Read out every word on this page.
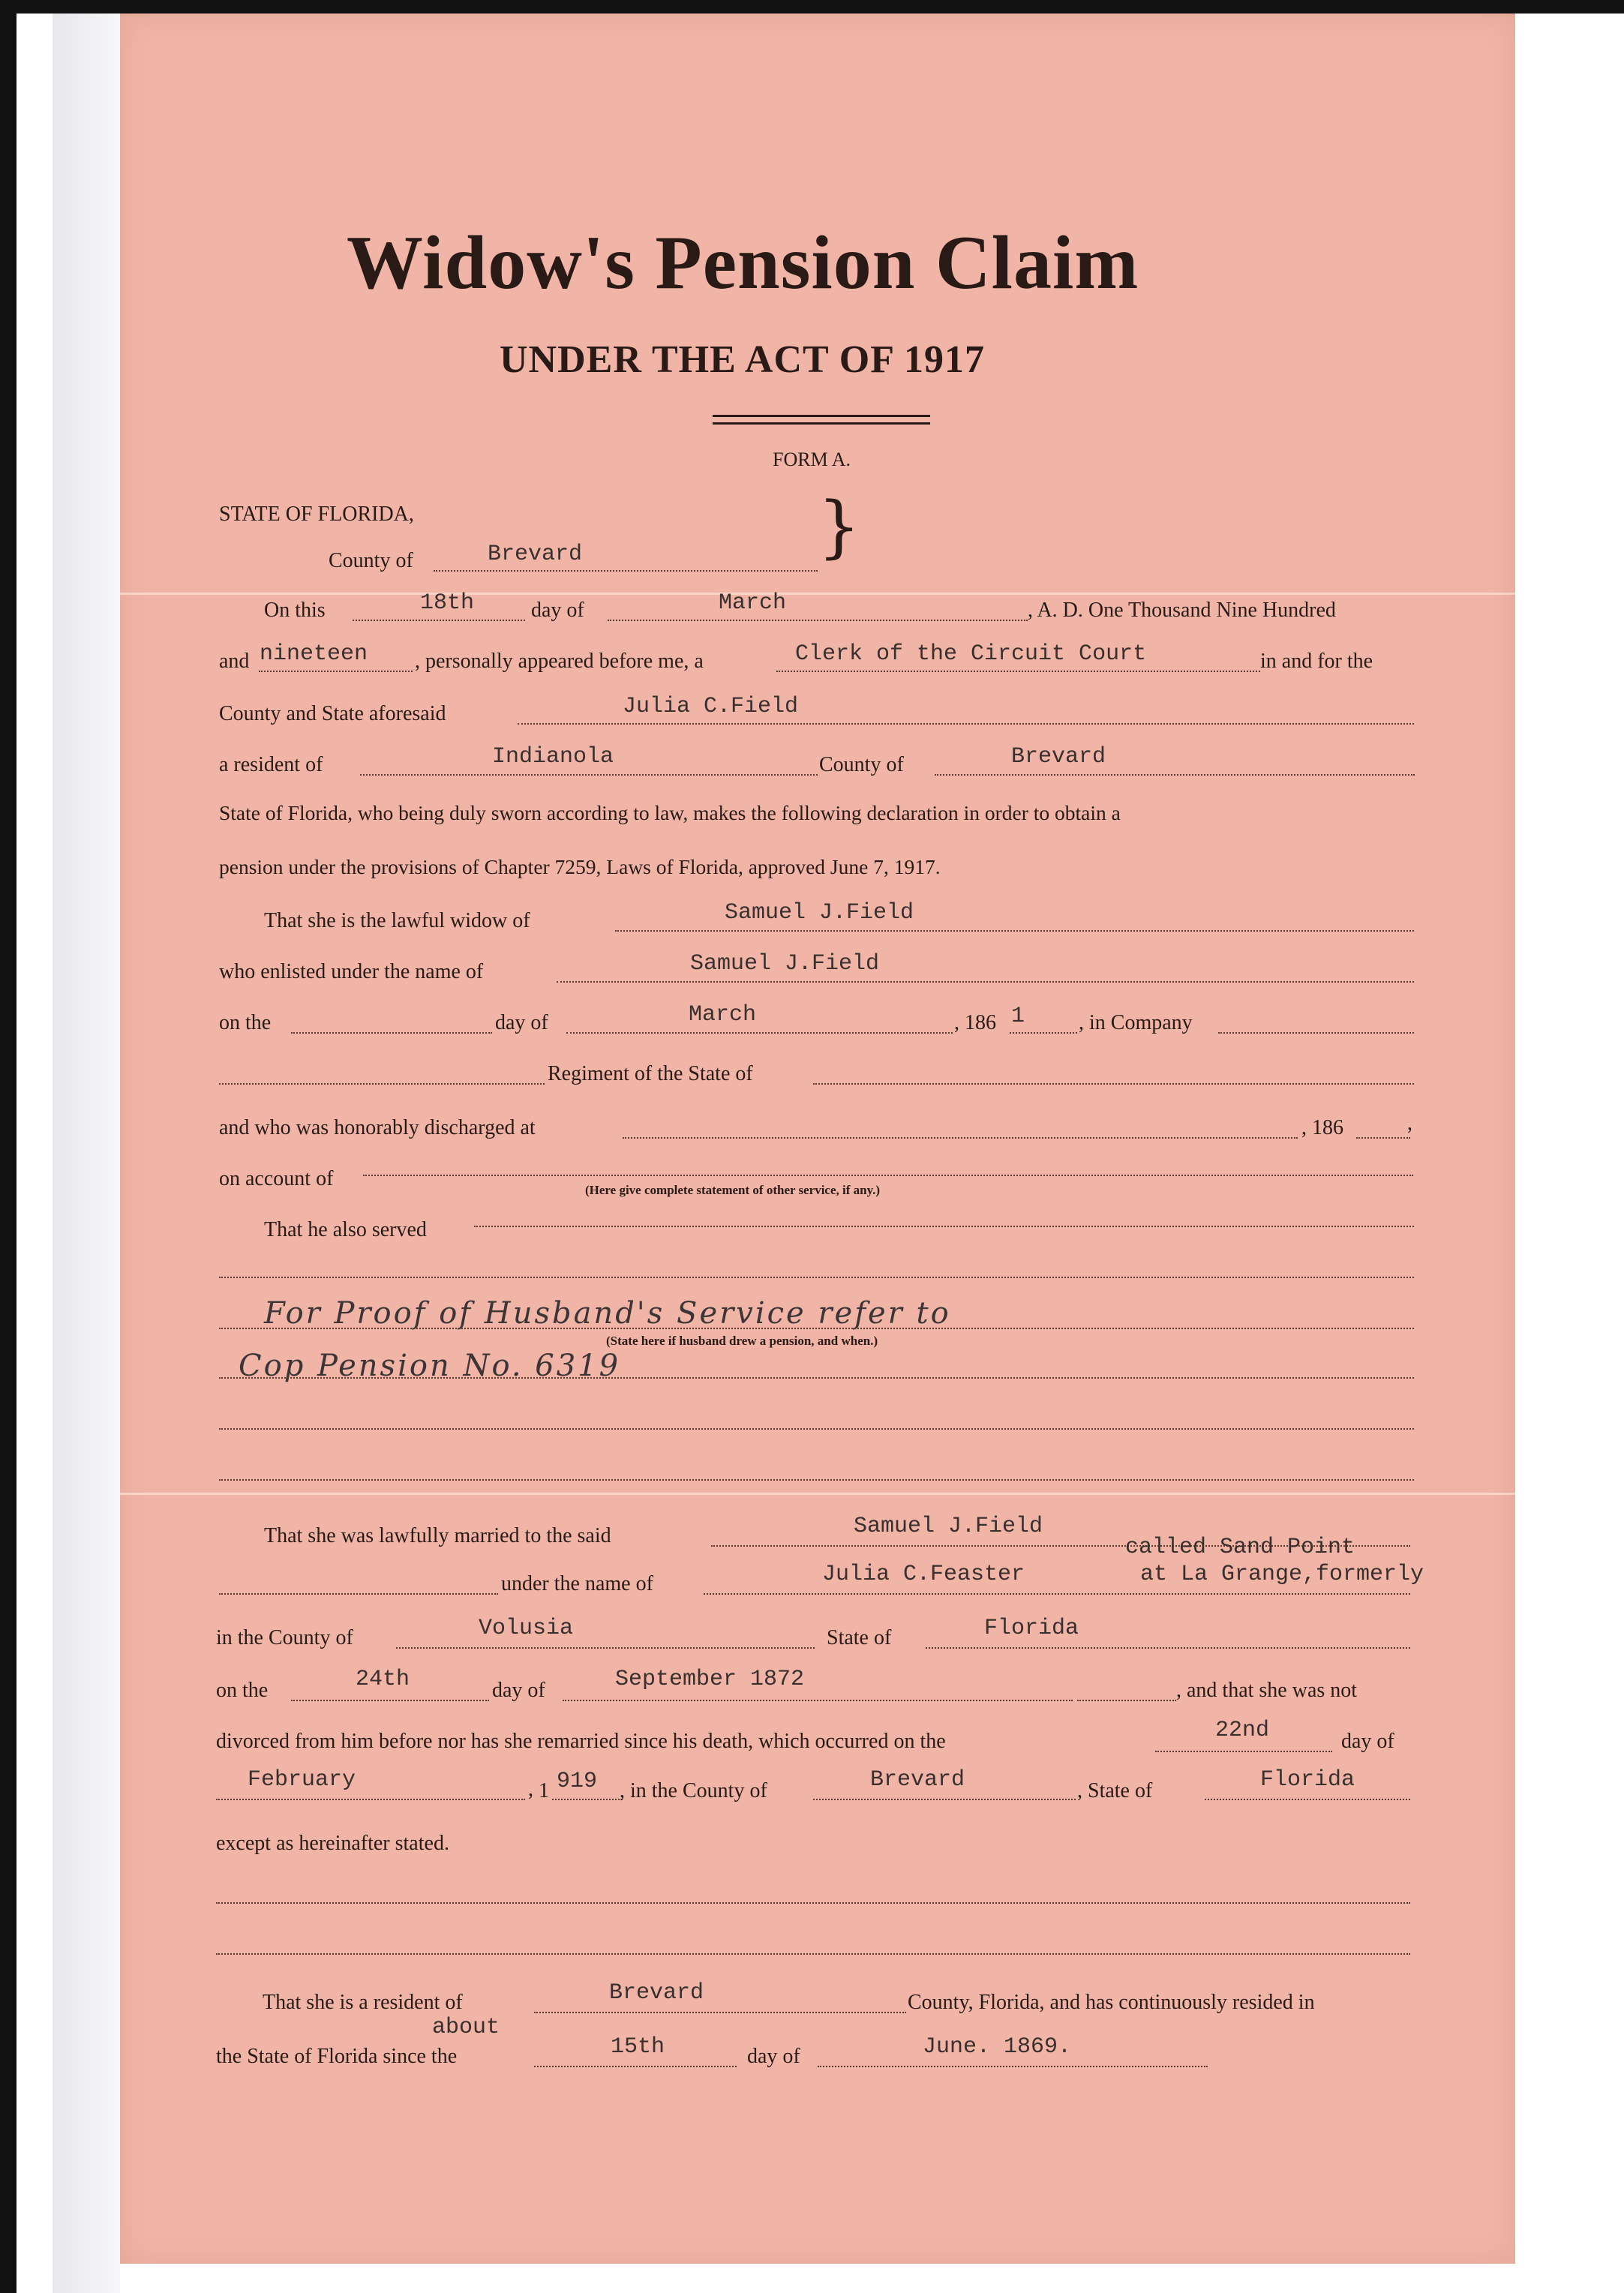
Widow's Pension Claim
UNDER THE ACT OF 1917
FORM A.
STATE OF FLORIDA,
County of	Brevard	}
On this	18th	day of	March	, A. D. One Thousand Nine Hundred
and nineteen , personally appeared before me, a	Clerk of the Circuit Court	in and for the
County and State aforesaid	Julia C.Field
a resident of	Indianola	County of	Brevard
State of Florida, who being duly sworn according to law, makes the following declaration in order to obtain a
pension under the provisions of Chapter 7259, Laws of Florida, approved June 7, 1917.
That she is the lawful widow of	Samuel J.Field
who enlisted under the name of	Samuel J.Field
on the	day of	March	, 186 1	, in Company
Regiment of the State of
and who was honorably discharged at	, 186	,
on account of	(Here give complete statement of other service, if any.)
That he also served
For Proof of Husband's Service refer to
(State here if husband drew a pension, and when.)
Cop Pension No. 6319
That she was lawfully married to the said	Samuel J.Field
called Sand Point
under the name of	Julia C.Feaster	at La Grange,formerly
in the County of	Volusia	State of	Florida
on the	24th	day of	September 1872	, and that she was not
divorced from him before nor has she remarried since his death, which occurred on the	22nd	day of
February	, 1 919 , in the County of	Brevard	, State of	Florida
except as hereinafter stated.
That she is a resident of	Brevard	County, Florida, and has continuously resided in
about
the State of Florida since the	15th	day of	June. 1869.
